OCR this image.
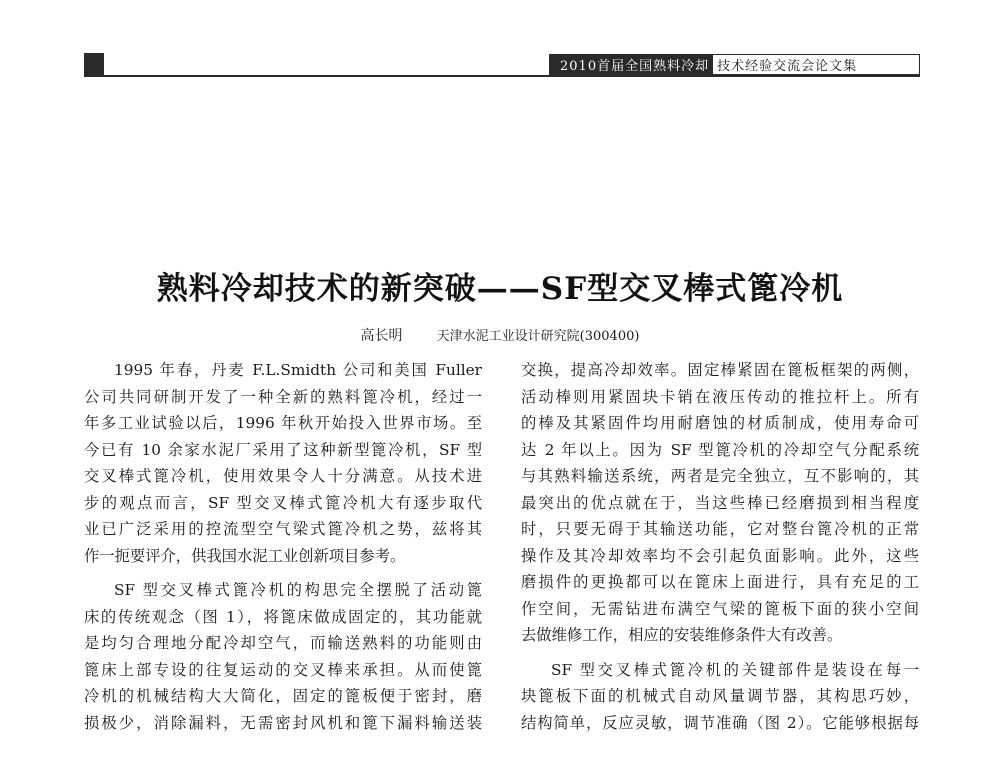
2010首届全国熟料冷却 技术经验交流会论文集
熟料冷却技术的新突破——SF型交叉棒式篦冷机
高长明	天津水泥工业设计研究院(300400)
1995 年春，丹麦 F.L.Smidth 公司和美国 Fuller
公司共同研制开发了一种全新的熟料篦冷机，经过一
年多工业试验以后，1996 年秋开始投入世界市场。至
今已有 10 余家水泥厂采用了这种新型篦冷机，SF 型
交叉棒式篦冷机，使用效果令人十分满意。从技术进
步的观点而言，SF 型交叉棒式篦冷机大有逐步取代
业已广泛采用的控流型空气梁式篦冷机之势，兹将其
作一扼要评介，供我国水泥工业创新项目参考。
SF 型交叉棒式篦冷机的构思完全摆脱了活动篦
床的传统观念（图 1），将篦床做成固定的，其功能就
是均匀合理地分配冷却空气，而输送熟料的功能则由
篦床上部专设的往复运动的交叉棒来承担。从而使篦
冷机的机械结构大大简化，固定的篦板便于密封，磨
损极少，消除漏料，无需密封风机和篦下漏料输送装
交换，提高冷却效率。固定棒紧固在篦板框架的两侧，
活动棒则用紧固块卡销在液压传动的推拉杆上。所有
的棒及其紧固件均用耐磨蚀的材质制成，使用寿命可
达 2 年以上。因为 SF 型篦冷机的冷却空气分配系统
与其熟料输送系统，两者是完全独立，互不影响的，其
最突出的优点就在于，当这些棒已经磨损到相当程度
时，只要无碍于其输送功能，它对整台篦冷机的正常
操作及其冷却效率均不会引起负面影响。此外，这些
磨损件的更换都可以在篦床上面进行，具有充足的工
作空间，无需钻进布满空气梁的篦板下面的狭小空间
去做维修工作，相应的安装维修条件大有改善。
SF 型交叉棒式篦冷机的关键部件是装设在每一
块篦板下面的机械式自动风量调节器，其构思巧妙，
结构简单，反应灵敏，调节准确（图 2）。它能够根据每
